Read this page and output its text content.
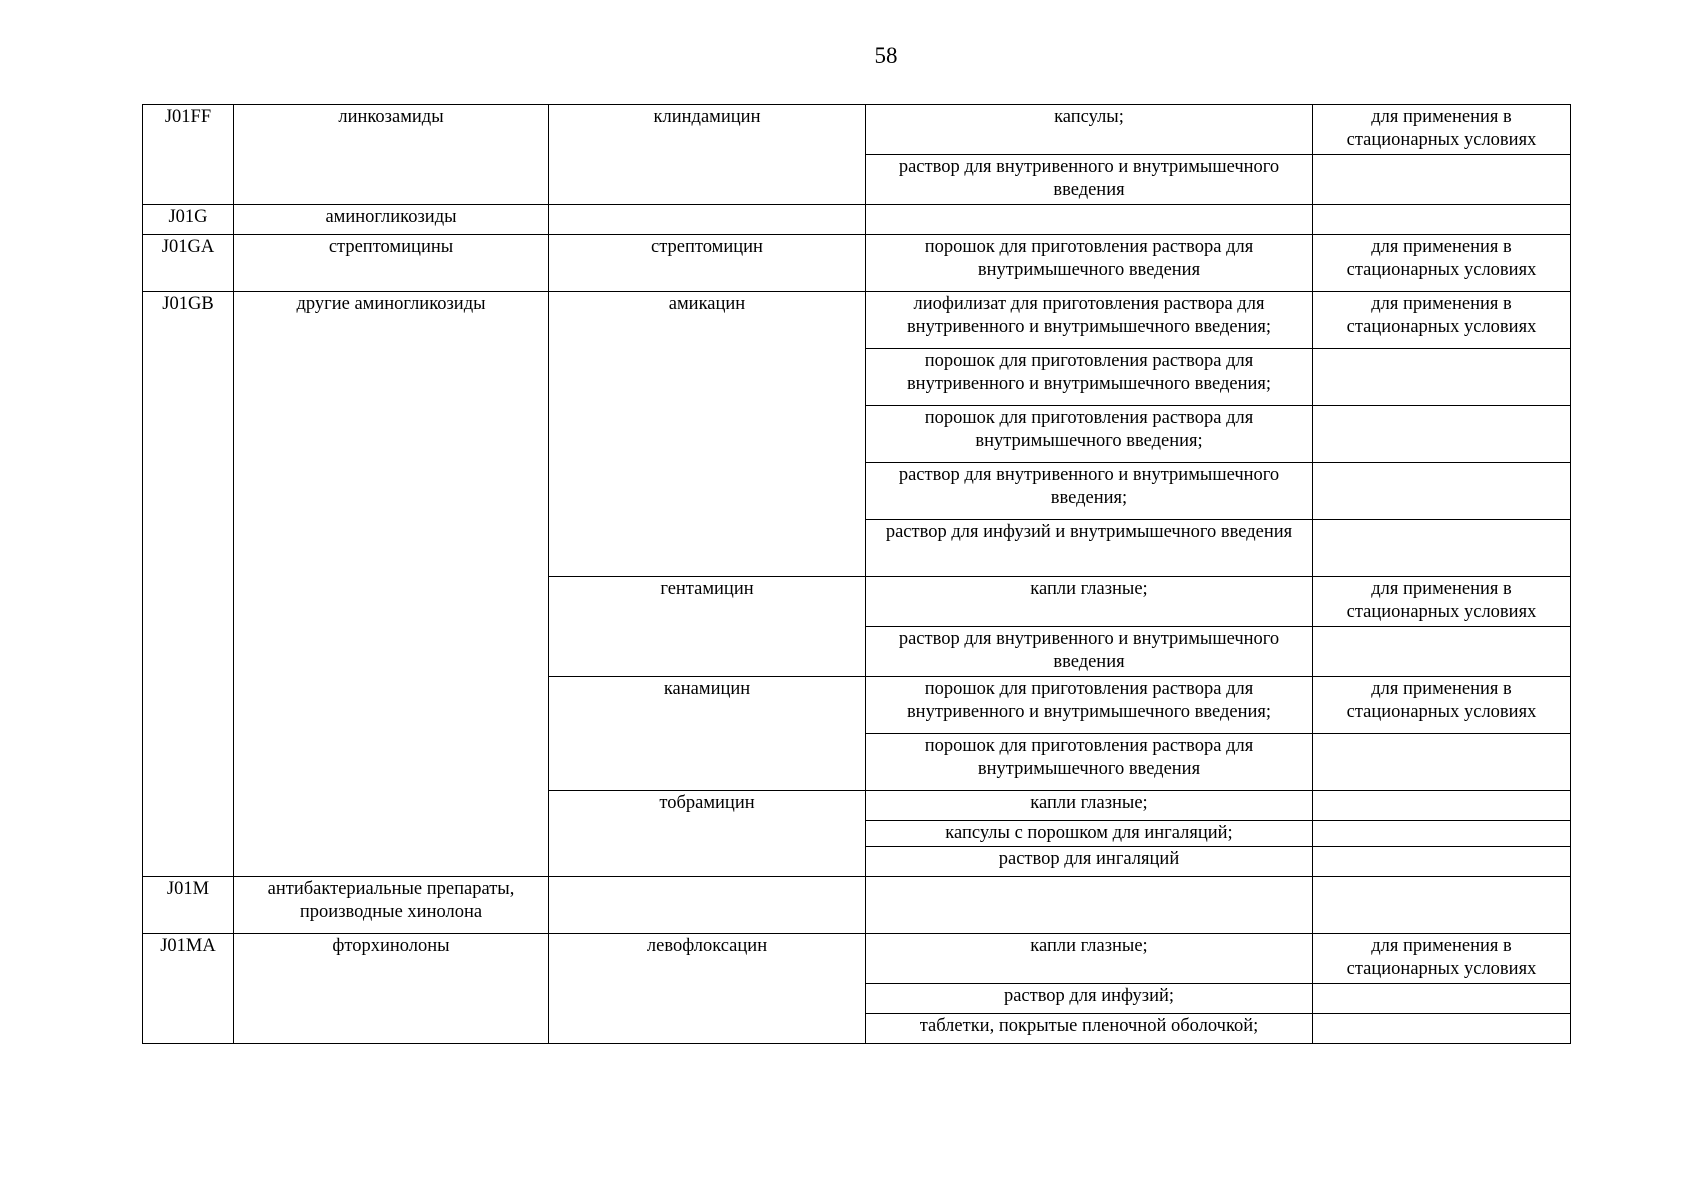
58
J01FF	линкозамиды	клиндамицин	капсулы;	для применения в стационарных условиях
			раствор для внутривенного и внутримышечного введения	
J01G	аминогликозиды			
J01GA	стрептомицины	стрептомицин	порошок для приготовления раствора для внутримышечного введения	для применения в стационарных условиях
J01GB	другие аминогликозиды	амикацин	лиофилизат для приготовления раствора для внутривенного и внутримышечного введения;	для применения в стационарных условиях
			порошок для приготовления раствора для внутривенного и внутримышечного введения;	
			порошок для приготовления раствора для внутримышечного введения;	
			раствор для внутривенного и внутримышечного введения;	
			раствор для инфузий и внутримышечного введения	
		гентамицин	капли глазные;	для применения в стационарных условиях
			раствор для внутривенного и внутримышечного введения	
		канамицин	порошок для приготовления раствора для внутривенного и внутримышечного введения;	для применения в стационарных условиях
			порошок для приготовления раствора для внутримышечного введения	
		тобрамицин	капли глазные;	
			капсулы с порошком для ингаляций;	
			раствор для ингаляций	
J01M	антибактериальные препараты, производные хинолона			
J01MA	фторхинолоны	левофлоксацин	капли глазные;	для применения в стационарных условиях
			раствор для инфузий;	
			таблетки, покрытые пленочной оболочкой;	
